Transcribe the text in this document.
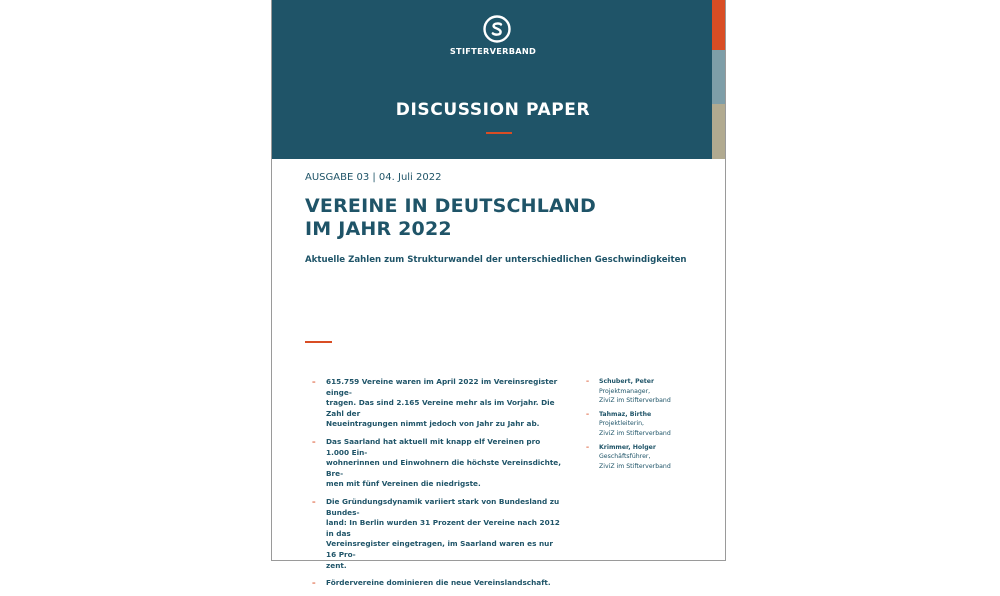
STIFTERVERBAND
DISCUSSION PAPER
AUSGABE 03 | 04. Juli 2022
VEREINE IN DEUTSCHLAND
IM JAHR 2022
Aktuelle Zahlen zum Strukturwandel der unterschiedlichen Geschwindigkeiten
– 615.759 Vereine waren im April 2022 im Vereinsregister einge-
tragen. Das sind 2.165 Vereine mehr als im Vorjahr. Die Zahl der
Neueintragungen nimmt jedoch von Jahr zu Jahr ab.
– Das Saarland hat aktuell mit knapp elf Vereinen pro 1.000 Ein-
wohnerinnen und Einwohnern die höchste Vereinsdichte, Bre-
men mit fünf Vereinen die niedrigste.
– Die Gründungsdynamik variiert stark von Bundesland zu Bundes-
land: In Berlin wurden 31 Prozent der Vereine nach 2012 in das
Vereinsregister eingetragen, im Saarland waren es nur 16 Pro-
zent.
– Fördervereine dominieren die neue Vereinslandschaft.
– Schubert, Peter
Projektmanager,
ZiviZ im Stifterverband
– Tahmaz, Birthe
Projektleiterin,
ZiviZ im Stifterverband
– Krimmer, Holger
Geschäftsführer,
ZiviZ im Stifterverband
